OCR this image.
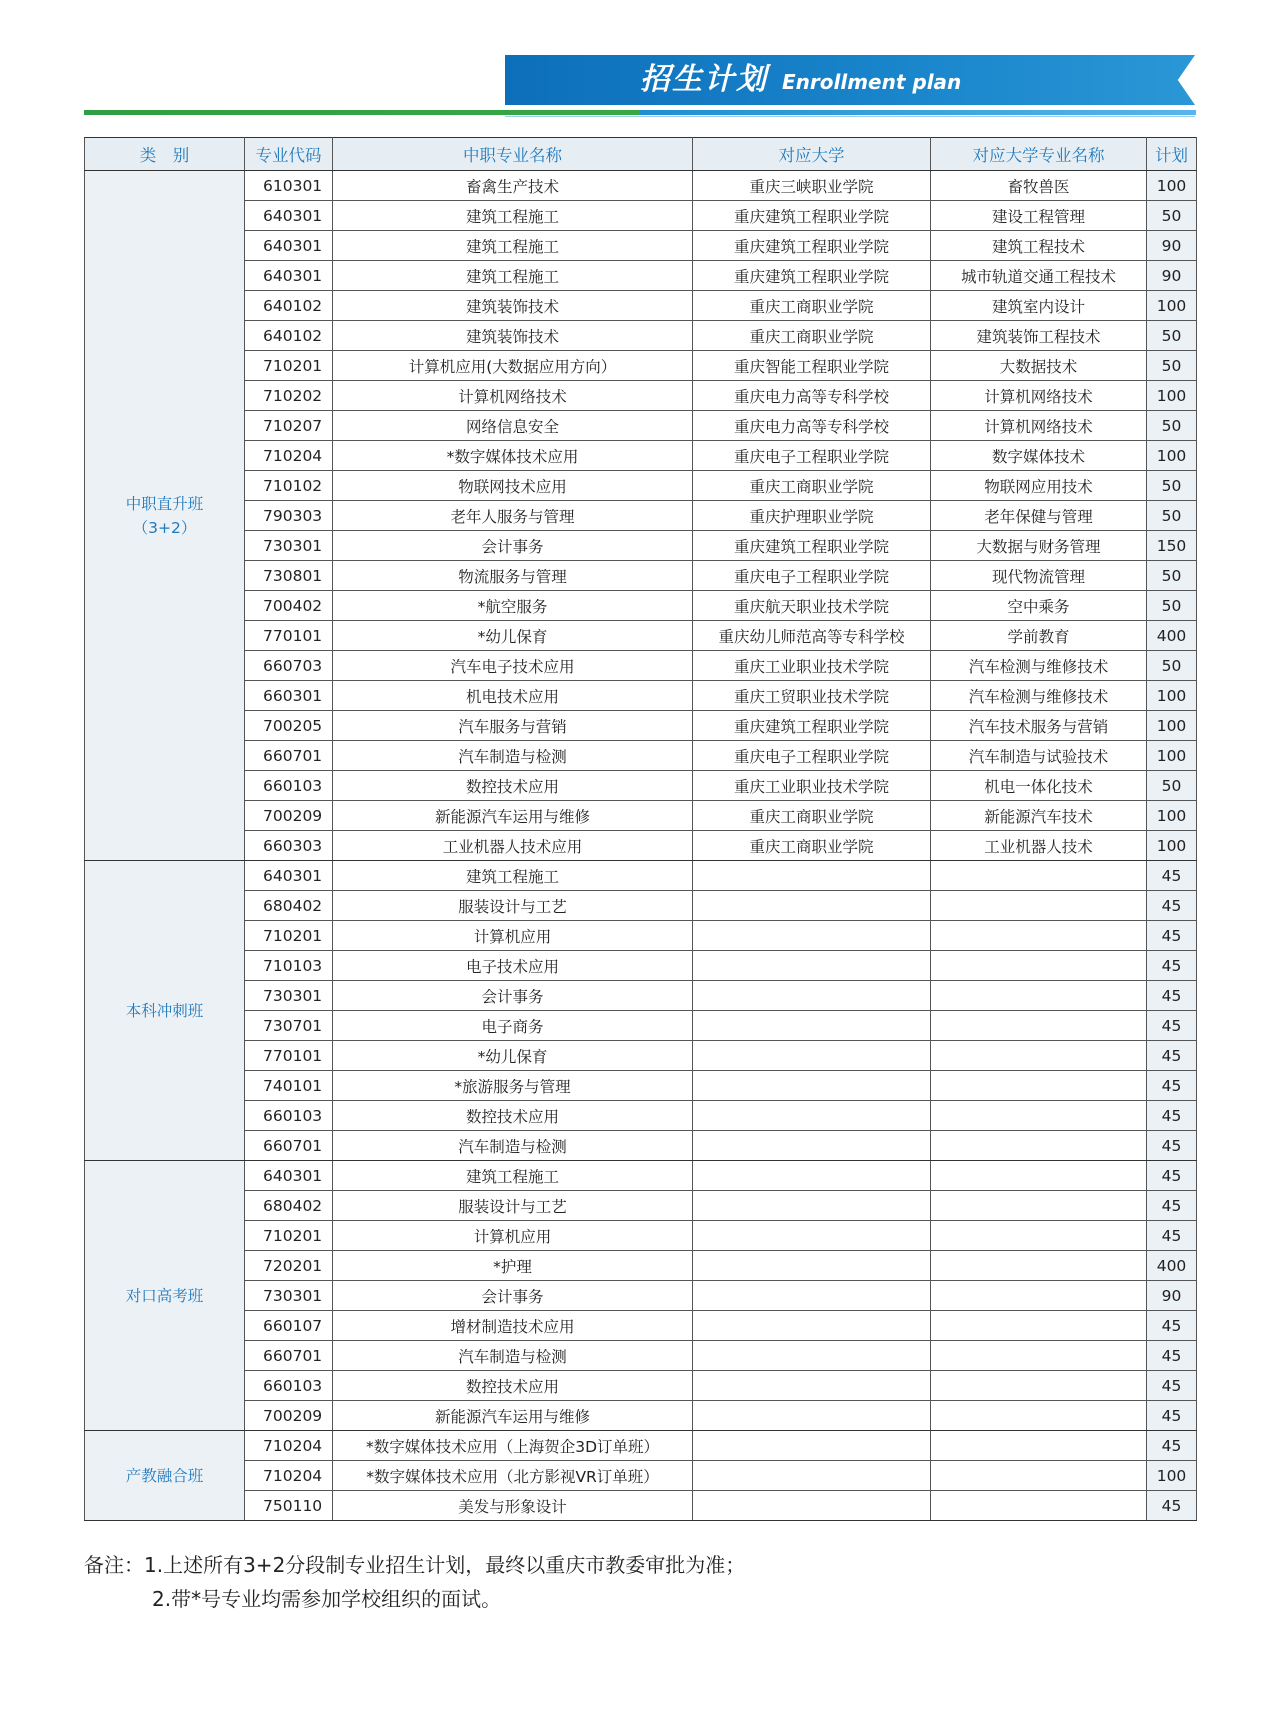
招生计划 Enrollment plan
类　别	专业代码	中职专业名称	对应大学	对应大学专业名称	计划

中职直升班
（3+2）	610301	畜禽生产技术	重庆三峡职业学院	畜牧兽医	100
	640301	建筑工程施工	重庆建筑工程职业学院	建设工程管理	50
	640301	建筑工程施工	重庆建筑工程职业学院	建筑工程技术	90
	640301	建筑工程施工	重庆建筑工程职业学院	城市轨道交通工程技术	90
	640102	建筑装饰技术	重庆工商职业学院	建筑室内设计	100
	640102	建筑装饰技术	重庆工商职业学院	建筑装饰工程技术	50
	710201	计算机应用(大数据应用方向）	重庆智能工程职业学院	大数据技术	50
	710202	计算机网络技术	重庆电力高等专科学校	计算机网络技术	100
	710207	网络信息安全	重庆电力高等专科学校	计算机网络技术	50
	710204	*数字媒体技术应用	重庆电子工程职业学院	数字媒体技术	100
	710102	物联网技术应用	重庆工商职业学院	物联网应用技术	50
	790303	老年人服务与管理	重庆护理职业学院	老年保健与管理	50
	730301	会计事务	重庆建筑工程职业学院	大数据与财务管理	150
	730801	物流服务与管理	重庆电子工程职业学院	现代物流管理	50
	700402	*航空服务	重庆航天职业技术学院	空中乘务	50
	770101	*幼儿保育	重庆幼儿师范高等专科学校	学前教育	400
	660703	汽车电子技术应用	重庆工业职业技术学院	汽车检测与维修技术	50
	660301	机电技术应用	重庆工贸职业技术学院	汽车检测与维修技术	100
	700205	汽车服务与营销	重庆建筑工程职业学院	汽车技术服务与营销	100
	660701	汽车制造与检测	重庆电子工程职业学院	汽车制造与试验技术	100
	660103	数控技术应用	重庆工业职业技术学院	机电一体化技术	50
	700209	新能源汽车运用与维修	重庆工商职业学院	新能源汽车技术	100
	660303	工业机器人技术应用	重庆工商职业学院	工业机器人技术	100

本科冲刺班	640301	建筑工程施工			45
	680402	服装设计与工艺			45
	710201	计算机应用			45
	710103	电子技术应用			45
	730301	会计事务			45
	730701	电子商务			45
	770101	*幼儿保育			45
	740101	*旅游服务与管理			45
	660103	数控技术应用			45
	660701	汽车制造与检测			45

对口高考班	640301	建筑工程施工			45
	680402	服装设计与工艺			45
	710201	计算机应用			45
	720201	*护理			400
	730301	会计事务			90
	660107	增材制造技术应用			45
	660701	汽车制造与检测			45
	660103	数控技术应用			45
	700209	新能源汽车运用与维修			45

产教融合班	710204	*数字媒体技术应用（上海贺企3D订单班）			45
	710204	*数字媒体技术应用（北方影视VR订单班）			100
	750110	美发与形象设计			45
备注：1.上述所有3+2分段制专业招生计划，最终以重庆市教委审批为准；
2.带*号专业均需参加学校组织的面试。
